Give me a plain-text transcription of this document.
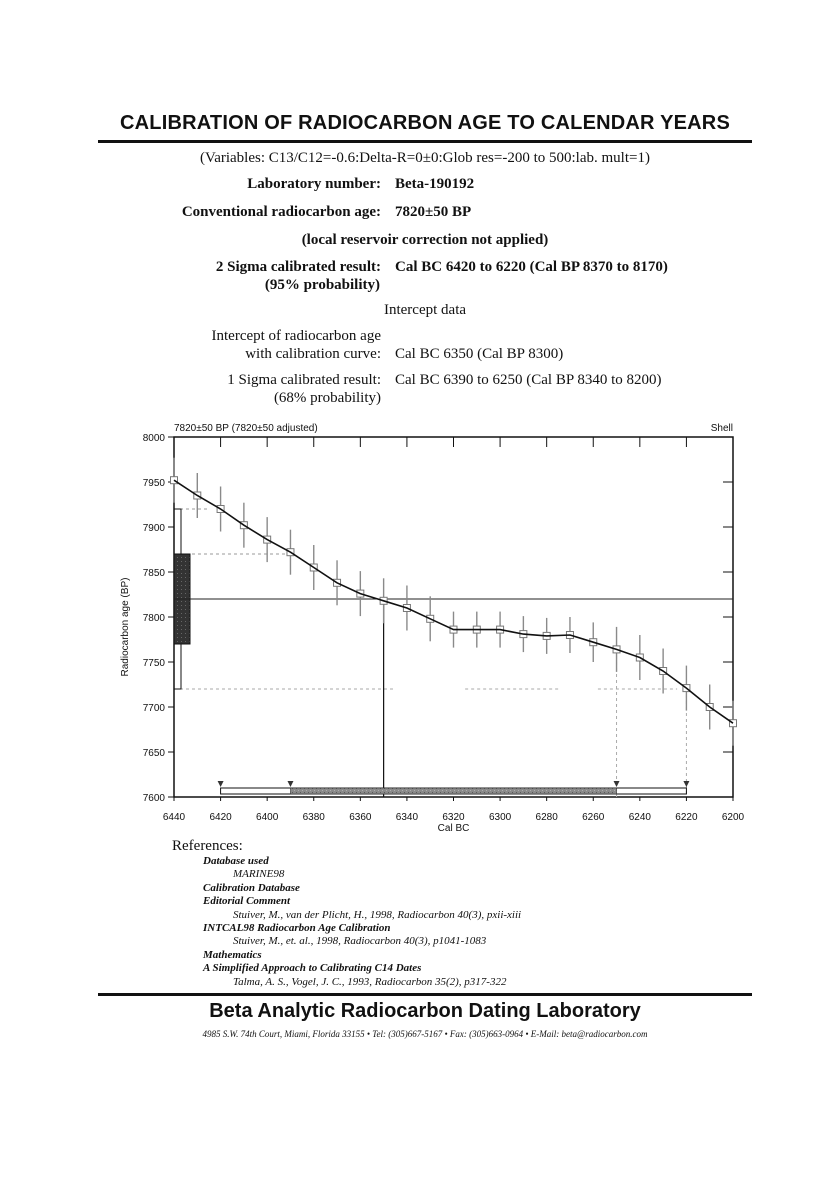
CALIBRATION OF RADIOCARBON AGE TO CALENDAR YEARS
(Variables: C13/C12=-0.6:Delta-R=0±0:Glob res=-200 to 500:lab. mult=1)
Laboratory number: Beta-190192
Conventional radiocarbon age: 7820±50 BP
(local reservoir correction not applied)
2 Sigma calibrated result:
(95% probability)
Cal BC 6420 to 6220 (Cal BP 8370 to 8170)
Intercept data
Intercept of radiocarbon age
with calibration curve: Cal BC 6350 (Cal BP 8300)
1 Sigma calibrated result:
(68% probability)
Cal BC 6390 to 6250 (Cal BP 8340 to 8200)
7820±50 BP (7820±50 adjusted)	Shell
8000
7950
7900
7850
7800
7750
7700
7650
7600
6440 6420 6400 6380 6360 6340 6320 6300 6280 6260 6240 6220 6200
Cal BC
Radiocarbon age (BP)
References:
Database used
MARINE98
Calibration Database
Editorial Comment
Stuiver, M., van der Plicht, H., 1998, Radiocarbon 40(3), pxii-xiii
INTCAL98 Radiocarbon Age Calibration
Stuiver, M., et. al., 1998, Radiocarbon 40(3), p1041-1083
Mathematics
A Simplified Approach to Calibrating C14 Dates
Talma, A. S., Vogel, J. C., 1993, Radiocarbon 35(2), p317-322
Beta Analytic Radiocarbon Dating Laboratory
4985 S.W. 74th Court, Miami, Florida 33155 • Tel: (305)667-5167 • Fax: (305)663-0964 • E-Mail: beta@radiocarbon.com
